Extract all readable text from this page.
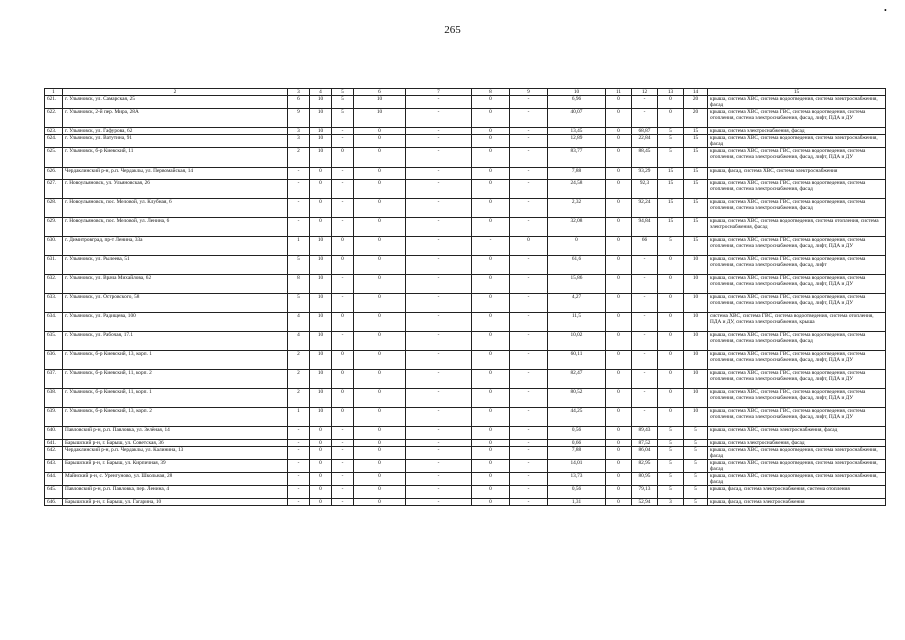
•
265
1	2	3	4	5	6	7	8	9	10	11	12	13	14	15
621.	г. Ульяновск, ул. Самарская, 25	6	10	5	10	-	0	-	6,96	0	-	0	20	крыша, система ХВС, система водоотведения, система электроснабжения, фасад
622.	г. Ульяновск, 2-й пер. Мира, 28А	9	10	5	10	-	0	-	40,07	0	-	0	20	крыша, система ХВС, система ГВС, система водоотведения, система отопления, система электроснабжения, фасад, лифт, ПДА и ДУ
623.	г. Ульяновск, ул. Гафурова, 62	3	10	-	0	-	0	-	13,45	0	68,87	5	15	крыша, система электроснабжения, фасад
624.	г. Ульяновск, ул. Ватутина, 91	3	10	-	0	-	0	-	12,89	0	22,84	5	15	крыша, система ХВС, система водоотведения, система электроснабжения, фасад
625.	г. Ульяновск, б-р Киевский, 11	2	10	0	0	-	0	-	83,77	0	88,45	5	15	крыша, система ХВС, система ГВС, система водоотведения, система отопления, система электроснабжения, фасад, лифт, ПДА и ДУ
626.	Чердаклинский р-н, р.п. Чердаклы, ул. Первомайская, 14	-	0	-	0	-	0	-	7,88	0	93,29	15	15	крыша, фасад, система ХВС, система электроснабжения
627.	г. Новоульяновск, ул. Ульяновская, 26	-	0	-	0	-	0	-	24,58	0	92,3	15	15	крыша, система ХВС, система ГВС, система водоотведения, система отопления, система электроснабжения, фасад
628.	г. Новоульяновск, пос. Меловой, ул. Клубная, 6	-	0	-	0	-	0	-	2,32	0	92,24	15	15	крыша, система ХВС, система ГВС, система водоотведения, система отопления, система электроснабжения, фасад
629.	г. Новоульяновск, пос. Меловой, ул. Ленина, 6	-	0	-	0	-	0	-	32,08	0	94,84	15	15	крыша, система ХВС, система водоотведения, система отопления, система электроснабжения, фасад
630.	г. Димитровград, пр-т Ленина, 33а	1	10	0	0	-	-	0	0	0	66	5	15	крыша, система ХВС, система ГВС, система водоотведения, система отопления, система электроснабжения, фасад, лифт, ПДА и ДУ
631.	г. Ульяновск, ул. Рылеева, 51	5	10	0	0	-	0	-	61,6	0	-	0	10	крыша, система ХВС, система ГВС, система водоотведения, система отопления, система электроснабжения, фасад, лифт
632.	г. Ульяновск, ул. Врача Михайлова, 62	8	10	-	0	-	0	-	15,86	0	-	0	10	крыша, система ХВС, система ГВС, система водоотведения, система отопления, система электроснабжения, фасад, лифт, ПДА и ДУ
633.	г. Ульяновск, ул. Островского, 58	5	10	-	0	-	0	-	4,27	0	-	0	10	крыша, система ХВС, система ГВС, система водоотведения, система отопления, система электроснабжения, фасад, лифт, ПДА и ДУ
634.	г. Ульяновск, ул. Радищева, 100	4	10	0	0	-	0	-	11,5	0	-	0	10	система ХВС, система ГВС, система водоотведения, система отопления, ПДА и ДУ, система электроснабжения, крыша
635.	г. Ульяновск, ул. Рабочая, 17.1	4	10	-	0	-	0	-	10,02	0	-	0	10	крыша, система ХВС, система ГВС, система водоотведения, система отопления, система электроснабжения, фасад
636.	г. Ульяновск, б-р Киевский, 13, корп. 1	2	10	0	0	-	0	-	60,11	0	-	0	10	крыша, система ХВС, система ГВС, система водоотведения, система отопления, система электроснабжения, фасад, лифт, ПДА и ДУ
637.	г. Ульяновск, б-р Киевский, 11, корп. 2	2	10	0	0	-	0	-	82,47	0	-	0	10	крыша, система ХВС, система ГВС, система водоотведения, система отопления, система электроснабжения, фасад, лифт, ПДА и ДУ
638.	г. Ульяновск, б-р Киевский, 11, корп. 1	2	10	0	0	-	0	-	80,52	0	-	0	10	крыша, система ХВС, система ГВС, система водоотведения, система отопления, система электроснабжения, фасад, лифт, ПДА и ДУ
639.	г. Ульяновск, б-р Киевский, 13, корп. 2	1	10	0	0	-	0	-	44,25	0	-	0	10	крыша, система ХВС, система ГВС, система водоотведения, система отопления, система электроснабжения, фасад, лифт, ПДА и ДУ
640.	Павловский р-н, р.п. Павловка, ул. Зелёная, 14	-	0	-	0	-	0	-	0,56	0	89,43	5	5	крыша, система ХВС, система электроснабжения, фасад
641.	Барышский р-н, г. Барыш, ул. Советская, 36	-	0	-	0	-	0	-	0,66	0	87,52	5	5	крыша, система электроснабжения, фасад
642.	Чердаклинский р-н, р.п. Чердаклы, ул. Калинина, 13	-	0	-	0	-	0	-	7,88	0	86,04	5	5	крыша, система ХВС, система водоотведения, система электроснабжения, фасад
643.	Барышский р-н, г. Барыш, ул. Кирпичная, 39	-	0	-	0	-	0	-	14,01	0	82,95	5	5	крыша, система ХВС, система водоотведения, система электроснабжения, фасад
644.	Майнский р-н, с. Уренгуново, ул. Школьная, 28	-	0	-	0	-	0	-	13,73	0	80,95	5	5	крыша, система ХВС, система водоотведения, система электроснабжения, фасад
645.	Павловский р-н, р.п. Павловка, пер. Ленина, 4	-	0	-	0	-	0	-	0,56	0	79,13	5	5	крыша, фасад, система электроснабжения, система отопления
646.	Барышский р-н, г. Барыш, ул. Гагарина, 10	-	0	-	0	-	0	-	1,31	0	52,94	3	5	крыша, фасад, система электроснабжения
